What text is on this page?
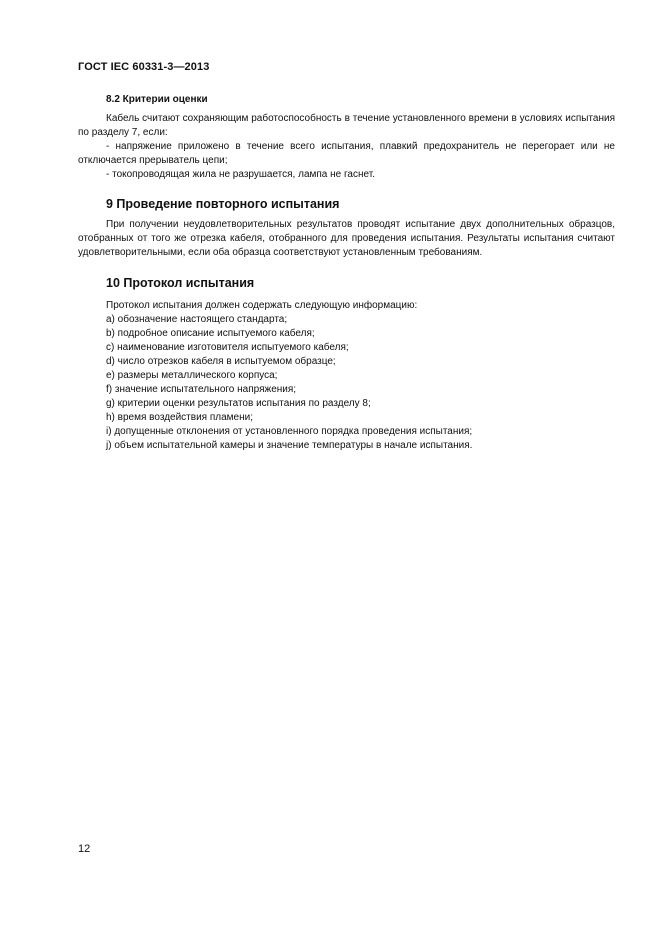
ГОСТ IEC 60331-3—2013

8.2 Критерии оценки

Кабель считают сохраняющим работоспособность в течение установленного времени в условиях испытания по разделу 7, если:

- напряжение приложено в течение всего испытания, плавкий предохранитель не перегорает или не отключается прерыватель цепи;

- токопроводящая жила не разрушается, лампа не гаснет.

9 Проведение повторного испытания

При получении неудовлетворительных результатов проводят испытание двух дополнительных образцов, отобранных от того же отрезка кабеля, отобранного для проведения испытания. Результаты испытания считают удовлетворительными, если оба образца соответствуют установленным требованиям.

10 Протокол испытания

Протокол испытания должен содержать следующую информацию:

a) обозначение настоящего стандарта;

b) подробное описание испытуемого кабеля;

c) наименование изготовителя испытуемого кабеля;

d) число отрезков кабеля в испытуемом образце;

e) размеры металлического корпуса;

f) значение испытательного напряжения;

g) критерии оценки результатов испытания по разделу 8;

h) время воздействия пламени;

i) допущенные отклонения от установленного порядка проведения испытания;

j) объем испытательной камеры и значение температуры в начале испытания.

12
